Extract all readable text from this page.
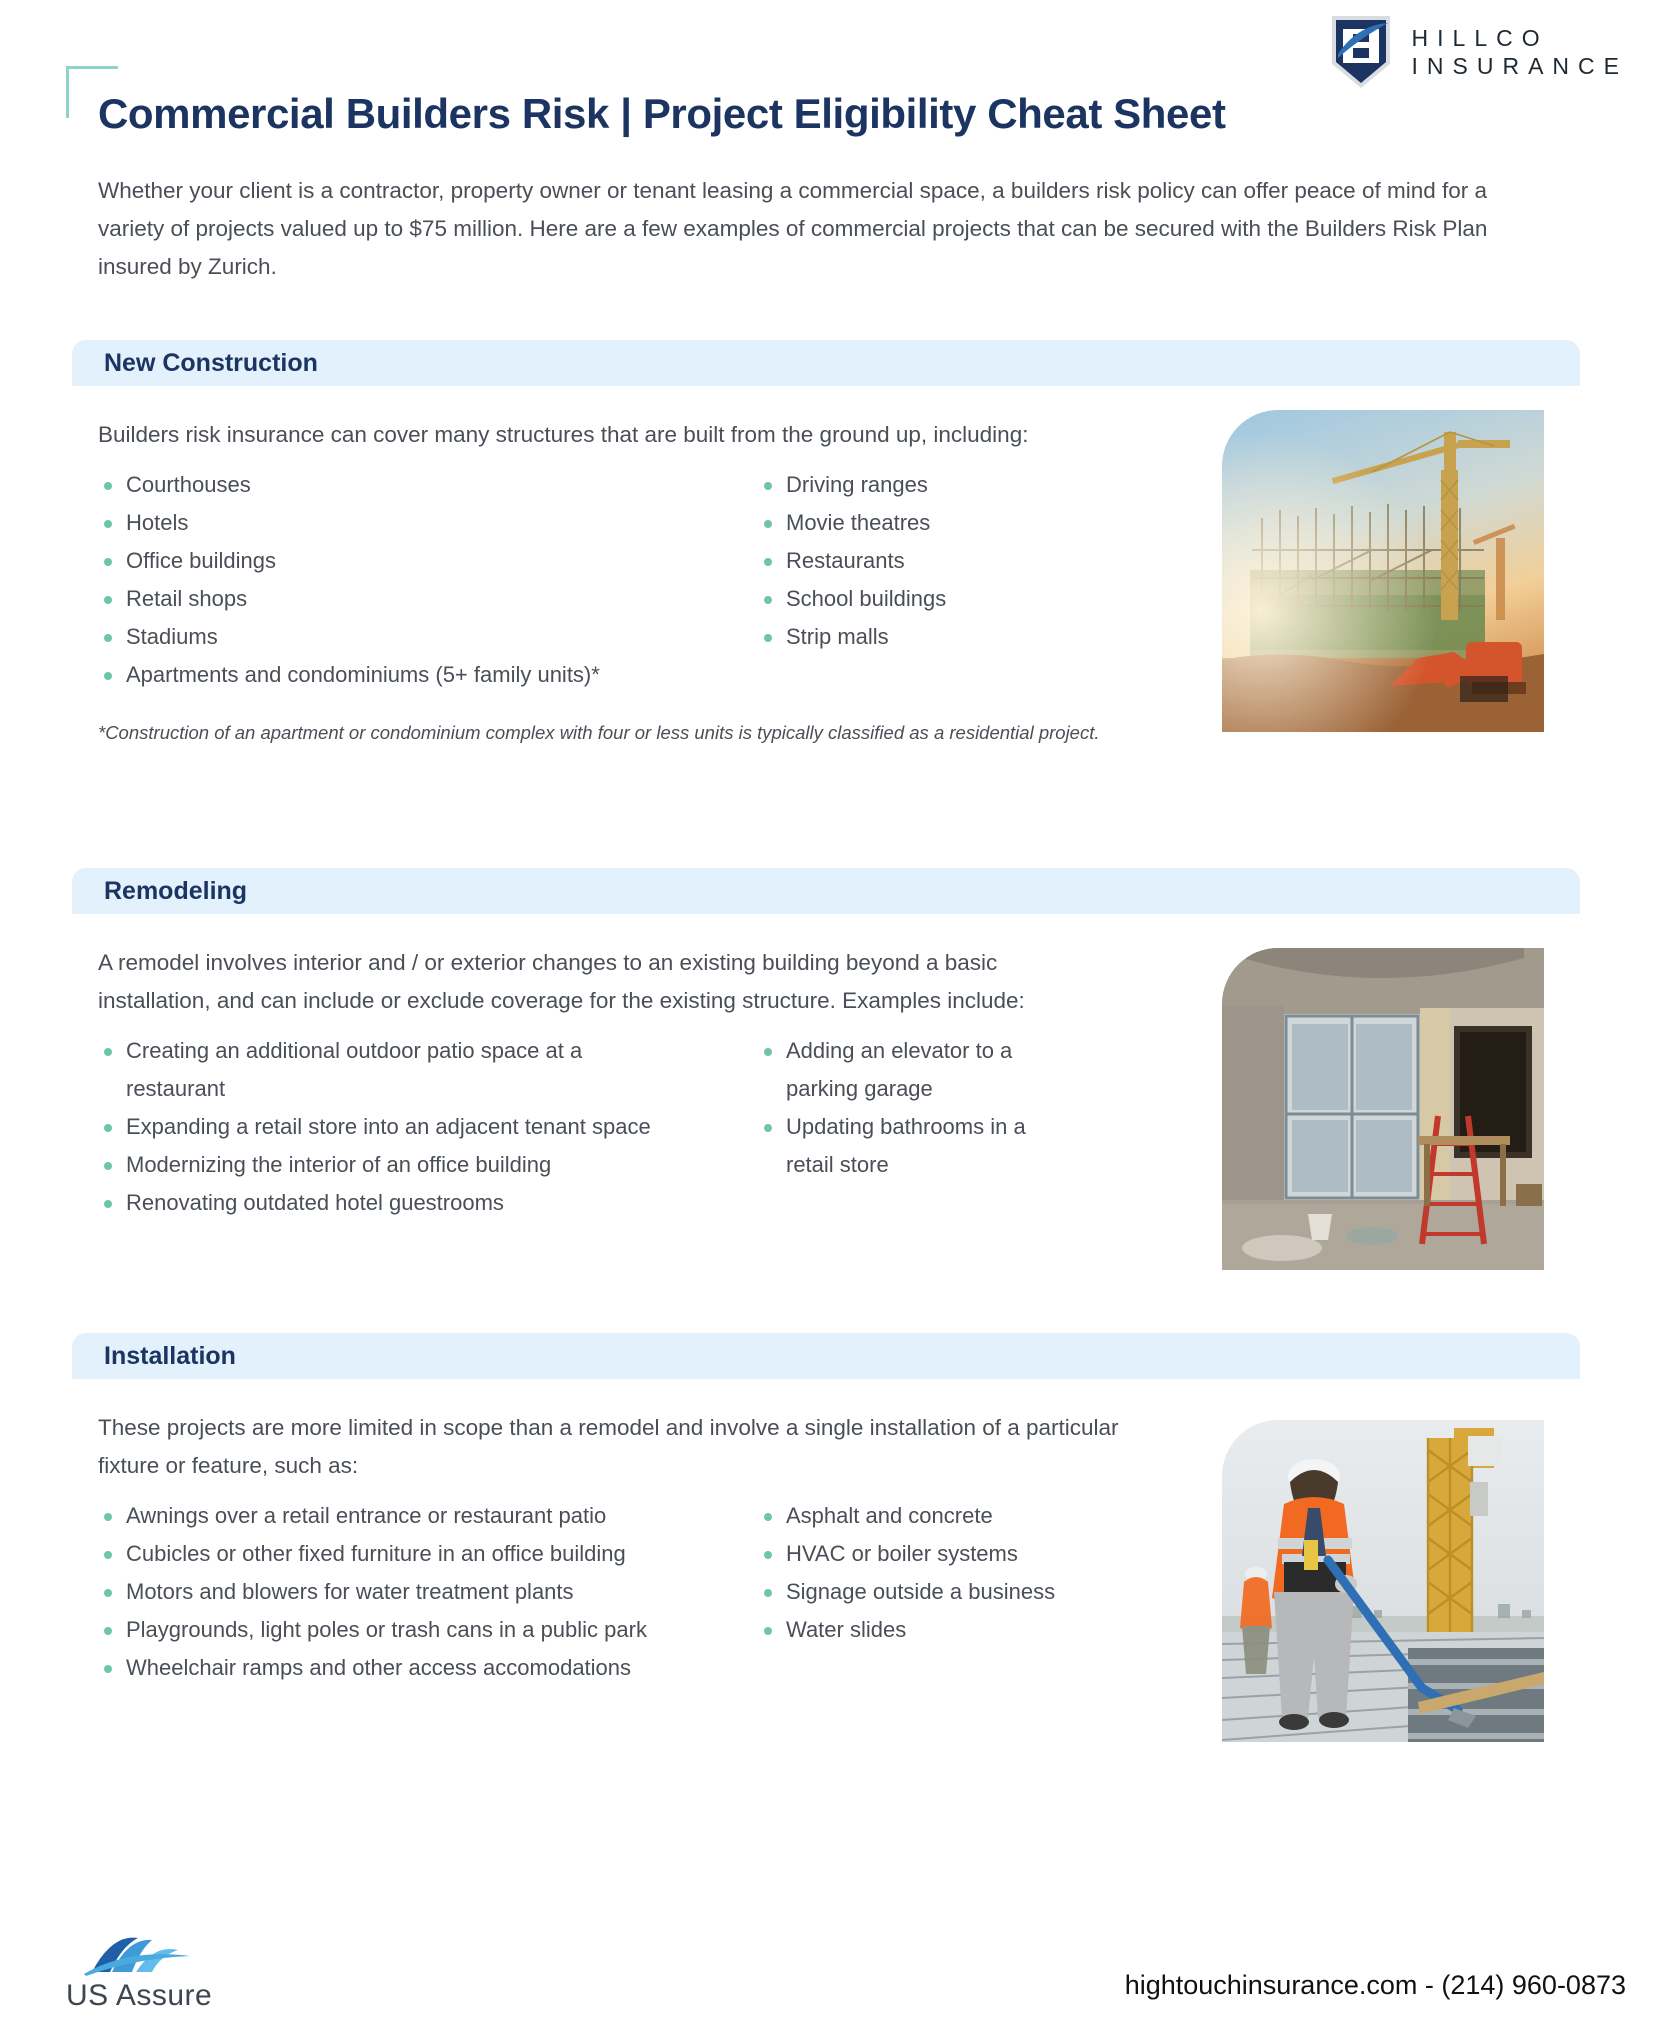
HILLCO
INSURANCE
Commercial Builders Risk | Project Eligibility Cheat Sheet

Whether your client is a contractor, property owner or tenant leasing a commercial space, a builders risk policy can offer peace of mind for a variety of projects valued up to $75 million. Here are a few examples of commercial projects that can be secured with the Builders Risk Plan insured by Zurich.

New Construction

Builders risk insurance can cover many structures that are built from the ground up, including:

Courthouses
Hotels
Office buildings
Retail shops
Stadiums
Apartments and condominiums (5+ family units)*
Driving ranges
Movie theatres
Restaurants
School buildings
Strip malls

*Construction of an apartment or condominium complex with four or less units is typically classified as a residential project.

Remodeling

A remodel involves interior and / or exterior changes to an existing building beyond a basic installation, and can include or exclude coverage for the existing structure. Examples include:

Creating an additional outdoor patio space at a restaurant
Expanding a retail store into an adjacent tenant space
Modernizing the interior of an office building
Renovating outdated hotel guestrooms
Adding an elevator to a parking garage
Updating bathrooms in a retail store
Installation

These projects are more limited in scope than a remodel and involve a single installation of a particular fixture or feature, such as:

Awnings over a retail entrance or restaurant patio
Cubicles or other fixed furniture in an office building
Motors and blowers for water treatment plants
Playgrounds, light poles or trash cans in a public park
Wheelchair ramps and other access accomodations
Asphalt and concrete
HVAC or boiler systems
Signage outside a business
Water slides
US Assure	hightouchinsurance.com - (214) 960-0873
